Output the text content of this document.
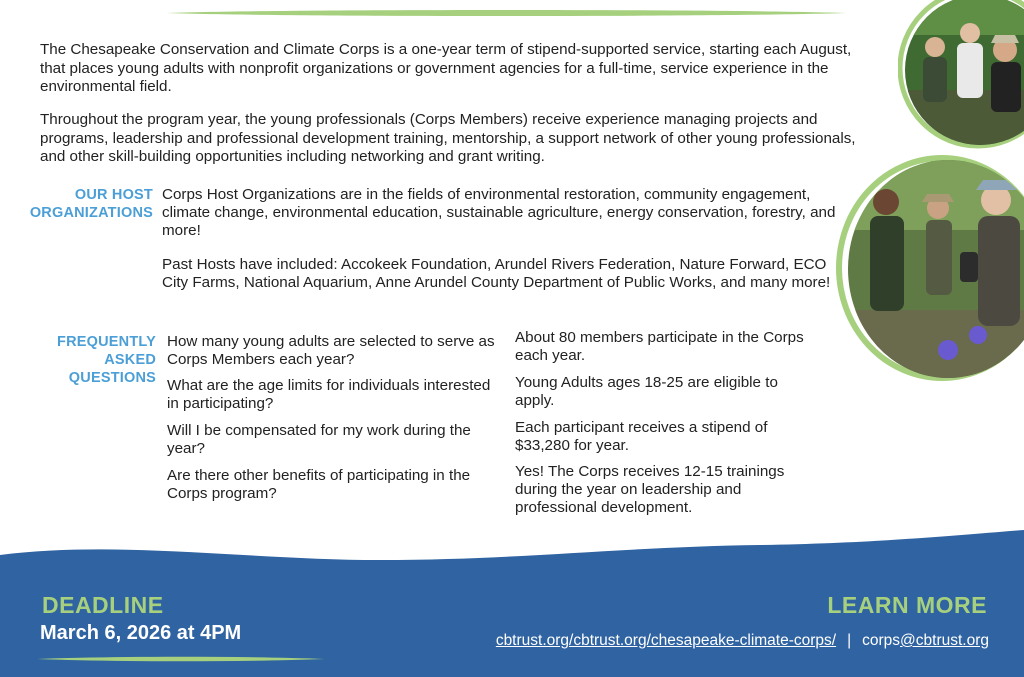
The Chesapeake Conservation and Climate Corps is a one-year term of stipend-supported service, starting each August, that places young adults with nonprofit organizations or government agencies for a full-time, service experience in the environmental field.

Throughout the program year, the young professionals (Corps Members) receive experience managing projects and programs, leadership and professional development training, mentorship, a support network of other young professionals, and other skill-building opportunities including networking and grant writing.

OUR HOST
ORGANIZATIONS

Corps Host Organizations are in the fields of environmental restoration, community engagement, climate change, environmental education, sustainable agriculture, energy conservation, forestry, and more!

Past Hosts have included: Accokeek Foundation, Arundel Rivers Federation, Nature Forward, ECO City Farms, National Aquarium, Anne Arundel County Department of Public Works, and many more!

FREQUENTLY
ASKED
QUESTIONS

How many young adults are selected to serve as Corps Members each year?

About 80 members participate in the Corps each year.

What are the age limits for individuals interested in participating?

Young Adults ages 18-25 are eligible to apply.

Will I be compensated for my work during the year?

Each participant receives a stipend of $33,280 for year.

Are there other benefits of participating in the Corps program?

Yes! The Corps receives 12-15 trainings during the year on leadership and professional development.

DEADLINE
March 6, 2026 at 4PM
LEARN MORE
cbtrust.org/cbtrust.org/chesapeake-climate-corps/ | corps@cbtrust.org
